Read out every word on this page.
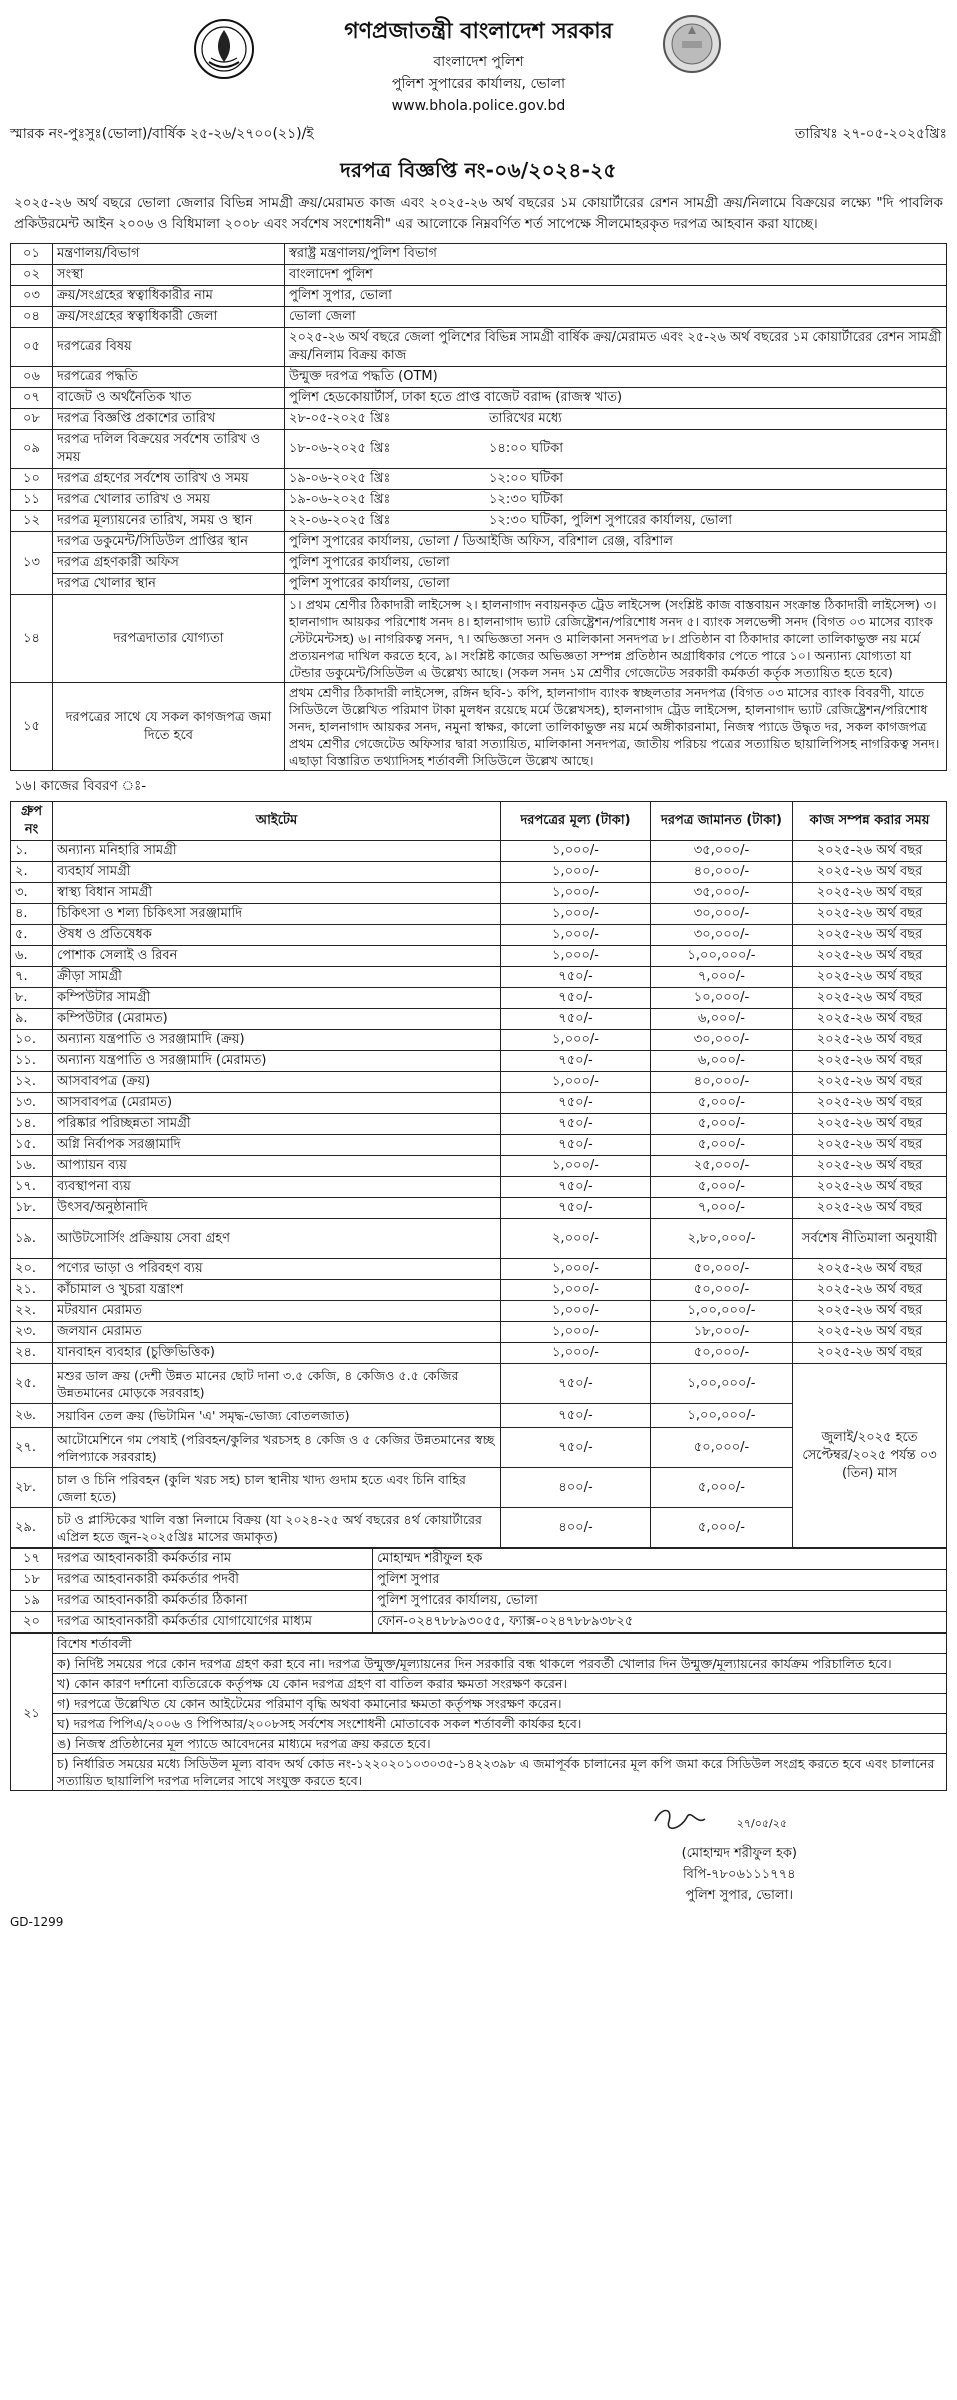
গণপ্রজাতন্ত্রী বাংলাদেশ সরকার
বাংলাদেশ পুলিশ
পুলিশ সুপারের কার্যালয়, ভোলা
www.bhola.police.gov.bd
স্মারক নং-পুঃসুঃ(ভোলা)/বার্ষিক ২৫-২৬/২৭০০(২১)/ই	তারিখঃ ২৭-০৫-২০২৫খ্রিঃ
দরপত্র বিজ্ঞপ্তি নং-০৬/২০২৪-২৫
২০২৫-২৬ অর্থ বছরে ভোলা জেলার বিভিন্ন সামগ্রী ক্রয়/মেরামত কাজ এবং ২০২৫-২৬ অর্থ বছরের ১ম কোয়ার্টারের রেশন সামগ্রী ক্রয়/নিলামে বিক্রয়ের লক্ষ্যে "দি পাবলিক প্রকিউরমেন্ট আইন ২০০৬ ও বিধিমালা ২০০৮ এবং সর্বশেষ সংশোধনী" এর আলোকে নিম্নবর্ণিত শর্ত সাপেক্ষে সীলমোহরকৃত দরপত্র আহবান করা যাচ্ছে।
০১	মন্ত্রণালয়/বিভাগ	স্বরাষ্ট্র মন্ত্রণালয়/পুলিশ বিভাগ
০২	সংস্থা	বাংলাদেশ পুলিশ
০৩	ক্রয়/সংগ্রহের স্বত্বাধিকারীর নাম	পুলিশ সুপার, ভোলা
০৪	ক্রয়/সংগ্রহের স্বত্বাধিকারী জেলা	ভোলা জেলা
০৫	দরপত্রের বিষয়	২০২৫-২৬ অর্থ বছরে জেলা পুলিশের বিভিন্ন সামগ্রী বার্ষিক ক্রয়/মেরামত এবং ২৫-২৬ অর্থ বছরের ১ম কোয়ার্টারের রেশন সামগ্রী ক্রয়/নিলাম বিক্রয় কাজ
০৬	দরপত্রের পদ্ধতি	উন্মুক্ত দরপত্র পদ্ধতি (OTM)
০৭	বাজেট ও অর্থনৈতিক খাত	পুলিশ হেডকোয়ার্টার্স, ঢাকা হতে প্রাপ্ত বাজেট বরাদ্দ (রাজস্ব খাত)
০৮	দরপত্র বিজ্ঞপ্তি প্রকাশের তারিখ	২৮-০৫-২০২৫ খ্রিঃ তারিখের মধ্যে
০৯	দরপত্র দলিল বিক্রয়ের সর্বশেষ তারিখ ও সময়	১৮-০৬-২০২৫ খ্রিঃ ১৪:০০ ঘটিকা
১০	দরপত্র গ্রহণের সর্বশেষ তারিখ ও সময়	১৯-০৬-২০২৫ খ্রিঃ ১২:০০ ঘটিকা
১১	দরপত্র খোলার তারিখ ও সময়	১৯-০৬-২০২৫ খ্রিঃ ১২:৩০ ঘটিকা
১২	দরপত্র মূল্যায়নের তারিখ, সময় ও স্থান	২২-০৬-২০২৫ খ্রিঃ ১২:৩০ ঘটিকা, পুলিশ সুপারের কার্যালয়, ভোলা
১৩	দরপত্র ডকুমেন্ট/সিডিউল প্রাপ্তির স্থান	পুলিশ সুপারের কার্যালয়, ভোলা / ডিআইজি অফিস, বরিশাল রেঞ্জ, বরিশাল
	দরপত্র গ্রহণকারী অফিস	পুলিশ সুপারের কার্যালয়, ভোলা
	দরপত্র খোলার স্থান	পুলিশ সুপারের কার্যালয়, ভোলা
১৪	দরপত্রদাতার যোগ্যতা	১। প্রথম শ্রেণীর ঠিকাদারী লাইসেন্স ২। হালনাগাদ নবায়নকৃত ট্রেড লাইসেন্স (সংশ্লিষ্ট কাজ বাস্তবায়ন সংক্রান্ত ঠিকাদারী লাইসেন্স) ৩। হালনাগাদ আয়কর পরিশোধ সনদ ৪। হালনাগাদ ভ্যাট রেজিষ্ট্রেশন/পরিশোধ সনদ ৫। ব্যাংক সলভেন্সী সনদ (বিগত ০৩ মাসের ব্যাংক স্টেটমেন্টসহ) ৬। নাগরিকত্ব সনদ, ৭। অভিজ্ঞতা সনদ ও মালিকানা সনদপত্র ৮। প্রতিষ্ঠান বা ঠিকাদার কালো তালিকাভুক্ত নয় মর্মে প্রত্যয়নপত্র দাখিল করতে হবে, ৯। সংশ্লিষ্ট কাজের অভিজ্ঞতা সম্পন্ন প্রতিষ্ঠান অগ্রাধিকার পেতে পারে ১০। অন্যান্য যোগ্যতা যা টেন্ডার ডকুমেন্ট/সিডিউল এ উল্লেখ্য আছে। (সকল সনদ ১ম শ্রেণীর গেজেটেড সরকারী কর্মকর্তা কর্তৃক সত্যায়িত হতে হবে)
১৫	দরপত্রের সাথে যে সকল কাগজপত্র জমা দিতে হবে	প্রথম শ্রেণীর ঠিকাদারী লাইসেন্স, রঙ্গিন ছবি-১ কপি, হালনাগাদ ব্যাংক স্বচ্ছলতার সনদপত্র (বিগত ০৩ মাসের ব্যাংক বিবরণী, যাতে সিডিউলে উল্লেখিত পরিমাণ টাকা মুলধন রয়েছে মর্মে উল্লেখসহ), হালনাগাদ ট্রেড লাইসেন্স, হালনাগাদ ভ্যাট রেজিষ্ট্রেশন/পরিশোধ সনদ, হালনাগাদ আয়কর সনদ, নমুনা স্বাক্ষর, কালো তালিকাভুক্ত নয় মর্মে অঙ্গীকারনামা, নিজস্ব প্যাডে উদ্ধৃত দর, সকল কাগজপত্র প্রথম শ্রেণীর গেজেটেড অফিসার দ্বারা সত্যায়িত, মালিকানা সনদপত্র, জাতীয় পরিচয় পত্রের সত্যায়িত ছায়ালিপিসহ নাগরিকত্ব সনদ। এছাড়া বিস্তারিত তথ্যাদিসহ শর্তাবলী সিডিউলে উল্লেখ আছে।
১৬। কাজের বিবরণ ঃ-
গ্রুপ নং	আইটেম	দরপত্রের মূল্য (টাকা)	দরপত্র জামানত (টাকা)	কাজ সম্পন্ন করার সময়
১.	অন্যান্য মনিহারি সামগ্রী	১,০০০/-	৩৫,০০০/-	২০২৫-২৬ অর্থ বছর
২.	ব্যবহার্য সামগ্রী	১,০০০/-	৪০,০০০/-	২০২৫-২৬ অর্থ বছর
৩.	স্বাস্থ্য বিধান সামগ্রী	১,০০০/-	৩৫,০০০/-	২০২৫-২৬ অর্থ বছর
৪.	চিকিৎসা ও শল্য চিকিৎসা সরঞ্জামাদি	১,০০০/-	৩০,০০০/-	২০২৫-২৬ অর্থ বছর
৫.	ঔষধ ও প্রতিষেধক	১,০০০/-	৩০,০০০/-	২০২৫-২৬ অর্থ বছর
৬.	পোশাক সেলাই ও রিবন	১,০০০/-	১,০০,০০০/-	২০২৫-২৬ অর্থ বছর
৭.	ক্রীড়া সামগ্রী	৭৫০/-	৭,০০০/-	২০২৫-২৬ অর্থ বছর
৮.	কম্পিউটার সামগ্রী	৭৫০/-	১০,০০০/-	২০২৫-২৬ অর্থ বছর
৯.	কম্পিউটার (মেরামত)	৭৫০/-	৬,০০০/-	২০২৫-২৬ অর্থ বছর
১০.	অন্যান্য যন্ত্রপাতি ও সরঞ্জামাদি (ক্রয়)	১,০০০/-	৩০,০০০/-	২০২৫-২৬ অর্থ বছর
১১.	অন্যান্য যন্ত্রপাতি ও সরঞ্জামাদি (মেরামত)	৭৫০/-	৬,০০০/-	২০২৫-২৬ অর্থ বছর
১২.	আসবাবপত্র (ক্রয়)	১,০০০/-	৪০,০০০/-	২০২৫-২৬ অর্থ বছর
১৩.	আসবাবপত্র (মেরামত)	৭৫০/-	৫,০০০/-	২০২৫-২৬ অর্থ বছর
১৪.	পরিষ্কার পরিচ্ছন্নতা সামগ্রী	৭৫০/-	৫,০০০/-	২০২৫-২৬ অর্থ বছর
১৫.	অগ্নি নির্বাপক সরঞ্জামাদি	৭৫০/-	৫,০০০/-	২০২৫-২৬ অর্থ বছর
১৬.	আপ্যায়ন ব্যয়	১,০০০/-	২৫,০০০/-	২০২৫-২৬ অর্থ বছর
১৭.	ব্যবস্থাপনা ব্যয়	৭৫০/-	৫,০০০/-	২০২৫-২৬ অর্থ বছর
১৮.	উৎসব/অনুষ্ঠানাদি	৭৫০/-	৭,০০০/-	২০২৫-২৬ অর্থ বছর
১৯.	আউটসোর্সিং প্রক্রিয়ায় সেবা গ্রহণ	২,০০০/-	২,৮০,০০০/-	সর্বশেষ নীতিমালা অনুযায়ী
২০.	পণ্যের ভাড়া ও পরিবহণ ব্যয়	১,০০০/-	৫০,০০০/-	২০২৫-২৬ অর্থ বছর
২১.	কাঁচামাল ও খুচরা যন্ত্রাংশ	১,০০০/-	৫০,০০০/-	২০২৫-২৬ অর্থ বছর
২২.	মটরযান মেরামত	১,০০০/-	১,০০,০০০/-	২০২৫-২৬ অর্থ বছর
২৩.	জলযান মেরামত	১,০০০/-	১৮,০০০/-	২০২৫-২৬ অর্থ বছর
২৪.	যানবাহন ব্যবহার (চুক্তিভিত্তিক)	১,০০০/-	৫০,০০০/-	২০২৫-২৬ অর্থ বছর
২৫.	মশুর ডাল ক্রয় (দেশী উন্নত মানের ছোট দানা ৩.৫ কেজি, ৪ কেজিও ৫.৫ কেজির উন্নতমানের মোড়কে সরবরাহ)	৭৫০/-	১,০০,০০০/-	জুলাই/২০২৫ হতে সেপ্টেম্বর/২০২৫ পর্যন্ত ০৩ (তিন) মাস
২৬.	সয়াবিন তেল ক্রয় (ভিটামিন 'এ' সমৃদ্ধ-ভোজ্য বোতলজাত)	৭৫০/-	১,০০,০০০/-	
২৭.	আটোমেশিনে গম পেষাই (পরিবহন/কুলির খরচসহ ৪ কেজি ও ৫ কেজির উন্নতমানের স্বচ্ছ পলিপ্যাকে সরবরাহ)	৭৫০/-	৫০,০০০/-	
২৮.	চাল ও চিনি পরিবহন (কুলি খরচ সহ) চাল স্থানীয় খাদ্য গুদাম হতে এবং চিনি বাহির জেলা হতে)	৪০০/-	৫,০০০/-	
২৯.	চট ও প্লাস্টিকের খালি বস্তা নিলামে বিক্রয় (যা ২০২৪-২৫ অর্থ বছরের ৪র্থ কোয়ার্টারের এপ্রিল হতে জুন-২০২৫খ্রিঃ মাসের জমাকৃত)	৪০০/-	৫,০০০/-	
১৭	দরপত্র আহবানকারী কর্মকর্তার নাম	মোহাম্মদ শরীফুল হক
১৮	দরপত্র আহবানকারী কর্মকর্তার পদবী	পুলিশ সুপার
১৯	দরপত্র আহবানকারী কর্মকর্তার ঠিকানা	পুলিশ সুপারের কার্যালয়, ভোলা
২০	দরপত্র আহবানকারী কর্মকর্তার যোগাযোগের মাধ্যম	ফোন-০২৪৭৮৮৯৩০৫৫, ফ্যাক্স-০২৪৭৮৮৯৩৮২৫
২১	বিশেষ শর্তাবলী
ক) নির্দিষ্ট সময়ের পরে কোন দরপত্র গ্রহণ করা হবে না। দরপত্র উন্মুক্ত/মূল্যায়নের দিন সরকারি বন্ধ থাকলে পরবর্তী খোলার দিন উন্মুক্ত/মূল্যায়নের কার্যক্রম পরিচালিত হবে।
খ) কোন কারণ দর্শানো ব্যতিরেকে কর্তৃপক্ষ যে কোন দরপত্র গ্রহণ বা বাতিল করার ক্ষমতা সংরক্ষণ করেন।
গ) দরপত্রে উল্লেখিত যে কোন আইটেমের পরিমাণ বৃদ্ধি অথবা কমানোর ক্ষমতা কর্তৃপক্ষ সংরক্ষণ করেন।
ঘ) দরপত্র পিপিএ/২০০৬ ও পিপিআর/২০০৮সহ সর্বশেষ সংশোধনী মোতাবেক সকল শর্তাবলী কার্যকর হবে।
ঙ) নিজস্ব প্রতিষ্ঠানের মূল প্যাডে আবেদনের মাধ্যমে দরপত্র ক্রয় করতে হবে।
চ) নির্ধারিত সময়ের মধ্যে সিডিউল মূল্য বাবদ অর্থ কোড নং-১২২০২০১০৩০৩৫-১৪২২৩৯৮ এ জমাপূর্বক চালানের মূল কপি জমা করে সিডিউল সংগ্রহ করতে হবে এবং চালানের সত্যায়িত ছায়ালিপি দরপত্র দলিলের সাথে সংযুক্ত করতে হবে।
২৭/০৫/২৫
(মোহাম্মদ শরীফুল হক)
বিপি-৭৮০৬১১১৭৭৪
পুলিশ সুপার, ভোলা।
GD-1299
